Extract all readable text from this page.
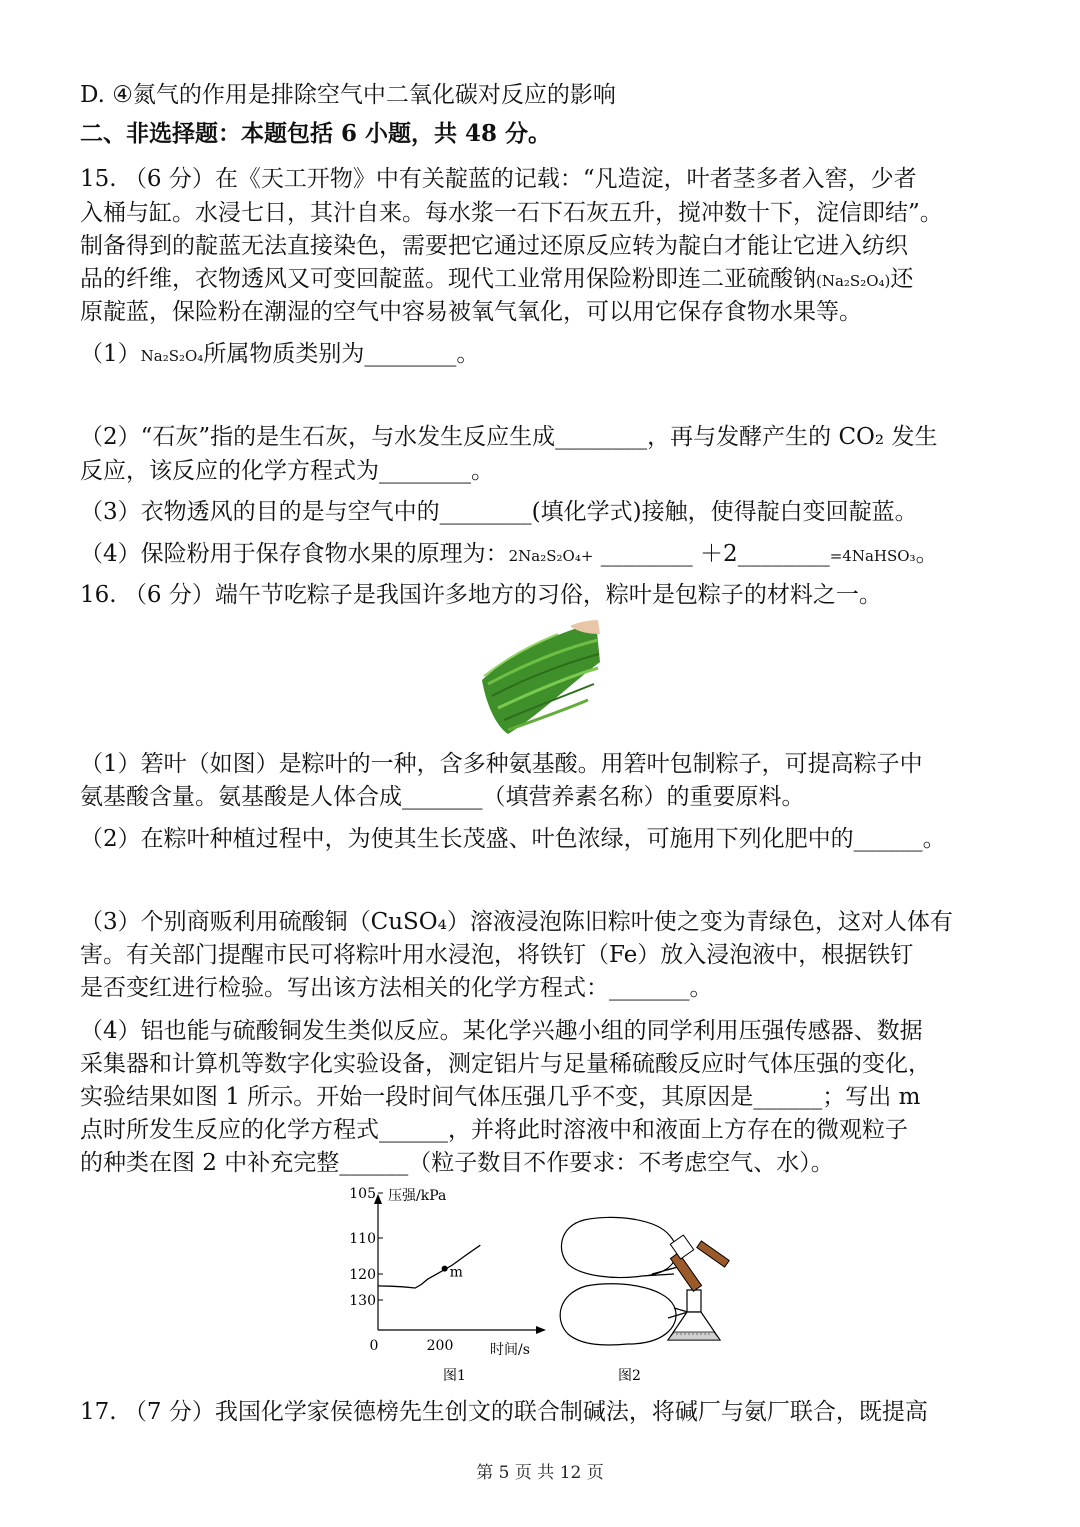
D. ④氮气的作用是排除空气中二氧化碳对反应的影响
二、非选择题：本题包括 6 小题，共 48 分。
15. （6 分）在《天工开物》中有关靛蓝的记载：“凡造淀，叶者茎多者入窖，少者
入桶与缸。水浸七日，其汁自来。每水浆一石下石灰五升，搅冲数十下，淀信即结”。
制备得到的靛蓝无法直接染色，需要把它通过还原反应转为靛白才能让它进入纺织
品的纤维，衣物透风又可变回靛蓝。现代工业常用保险粉即连二亚硫酸钠(Na₂S₂O₄)还
原靛蓝，保险粉在潮湿的空气中容易被氧气氧化，可以用它保存食物水果等。
（1）Na₂S₂O₄所属物质类别为________。
（2）“石灰”指的是生石灰，与水发生反应生成________，再与发酵产生的 CO₂ 发生
反应，该反应的化学方程式为________。
（3）衣物透风的目的是与空气中的________(填化学式)接触，使得靛白变回靛蓝。
（4）保险粉用于保存食物水果的原理为：2Na₂S₂O₄+ ________ ＋2________=4NaHSO₃。
16. （6 分）端午节吃粽子是我国许多地方的习俗，粽叶是包粽子的材料之一。
（1）箬叶（如图）是粽叶的一种，含多种氨基酸。用箬叶包制粽子，可提高粽子中
氨基酸含量。氨基酸是人体合成_______（填营养素名称）的重要原料。
（2）在粽叶种植过程中，为使其生长茂盛、叶色浓绿，可施用下列化肥中的______。
（3）个别商贩利用硫酸铜（CuSO₄）溶液浸泡陈旧粽叶使之变为青绿色，这对人体有
害。有关部门提醒市民可将粽叶用水浸泡，将铁钉（Fe）放入浸泡液中，根据铁钉
是否变红进行检验。写出该方法相关的化学方程式：_______。
（4）铝也能与硫酸铜发生类似反应。某化学兴趣小组的同学利用压强传感器、数据
采集器和计算机等数字化实验设备，测定铝片与足量稀硫酸反应时气体压强的变化，
实验结果如图 1 所示。开始一段时间气体压强几乎不变，其原因是______；写出 m
点时所发生反应的化学方程式______，并将此时溶液中和液面上方存在的微观粒子
的种类在图 2 中补充完整______（粒子数目不作要求：不考虑空气、水）。
压强/kPa
时间/s
130
120
110
105
0	200
m
图1	图2
17. （7 分）我国化学家侯德榜先生创文的联合制碱法，将碱厂与氨厂联合，既提高
第 5 页 共 12 页
